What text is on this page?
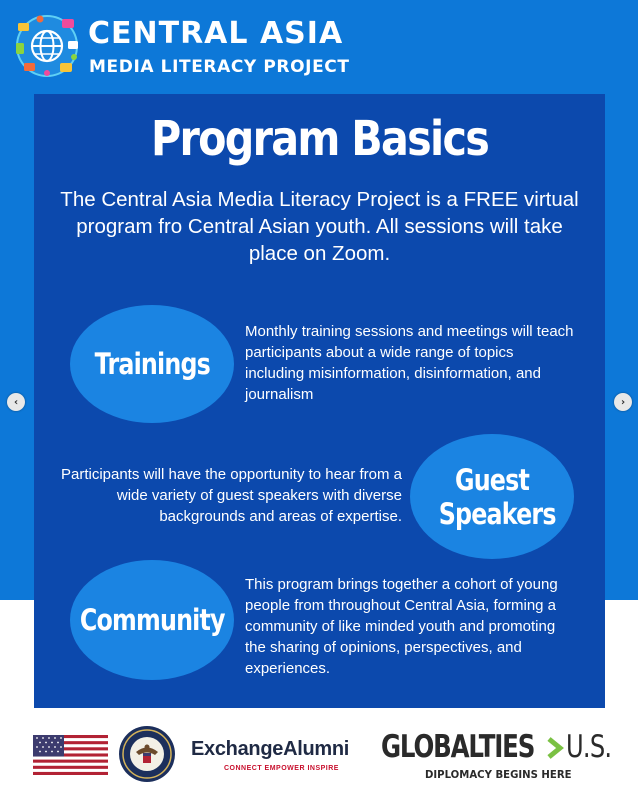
CENTRAL ASIA
MEDIA LITERACY PROJECT
Program Basics
The Central Asia Media Literacy Project is a FREE virtual program fro Central Asian youth. All sessions will take place on Zoom.
Trainings
Monthly training sessions and meetings will teach participants about a wide range of topics including misinformation, disinformation, and journalism
Guest Speakers
Participants will have the opportunity to hear from a wide variety of guest speakers with diverse backgrounds and areas of expertise.
Community
This program brings together a cohort of young people from throughout Central Asia, forming a community of like minded youth and promoting the sharing of opinions, perspectives, and experiences.
‹	›
ExchangeAlumni
CONNECT EMPOWER INSPIRE
GLOBALTIES U.S.
DIPLOMACY BEGINS HERE
